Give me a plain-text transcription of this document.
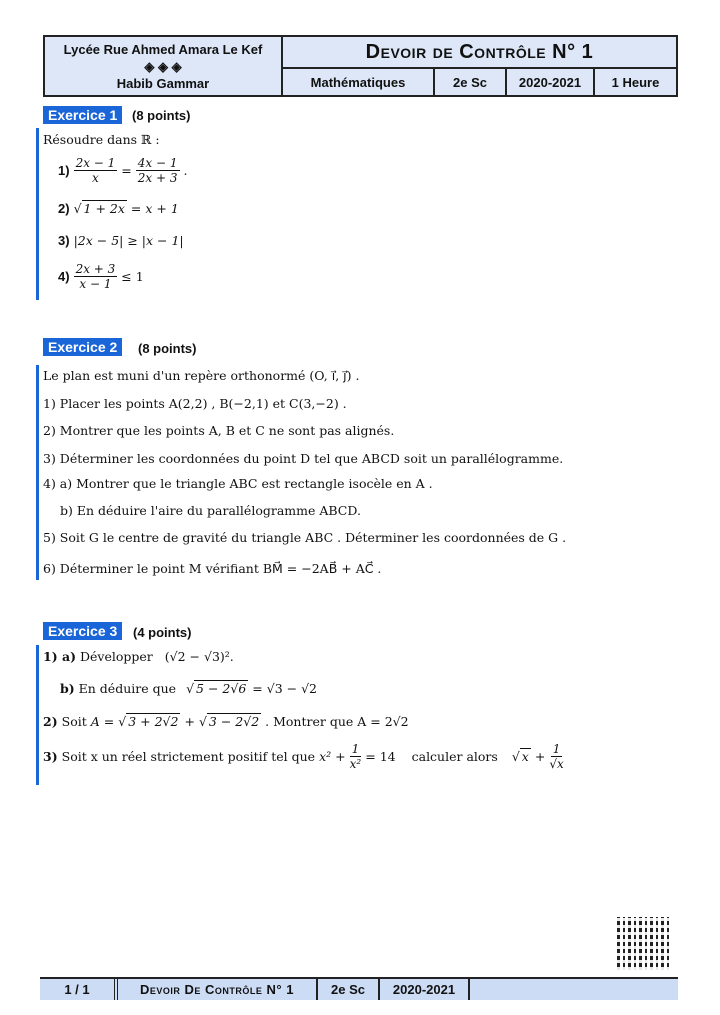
Lycée Rue Ahmed Amara Le Kef
◈ ◈ ◈
Habib Gammar
Devoir de Contrôle N° 1
Mathématiques	2e Sc	2020-2021	1 Heure
Exercice 1	(8 points)
Résoudre dans ℝ :
$1) \frac{2x - 1}{x} = \frac{4x - 1}{2x + 3}$ .
2) √ 1 + 2x = x + 1
3) |2x − 5| ≥ |x − 1|
$4) \frac{2x + 3}{x - 1} \le 1$
Exercice 2	(8 points)
Le plan est muni d'un repère orthonormé (O, i⃗, j⃗) .
1) Placer les points A(2,2) , B(−2,1) et C(3,−2) .
2) Montrer que les points A, B et C ne sont pas alignés.
3) Déterminer les coordonnées du point D tel que ABCD soit un parallélogramme.
4) a) Montrer que le triangle ABC est rectangle isocèle en A .
b) En déduire l'aire du parallélogramme ABCD.
5) Soit G le centre de gravité du triangle ABC . Déterminer les coordonnées de G .
6) Déterminer le point M vérifiant BM⃗ = −2AB⃗ + AC⃗ .
Exercice 3	(4 points)
1) a) Développer (√2 − √3)².
b) En déduire que √ 5 − 2√6 = √3 − √2
2) Soit A = √ 3 + 2√2 + √ 3 − 2√2 . Montrer que A = 2√2
3) Soit x un réel strictement positif tel que $x^2 + \frac{1}{\text{x²}} = 14$ calculer alors √ $x + \frac{1}{√x}$
1 / 1	Devoir De Contrôle N° 1	2e Sc	2020-2021
